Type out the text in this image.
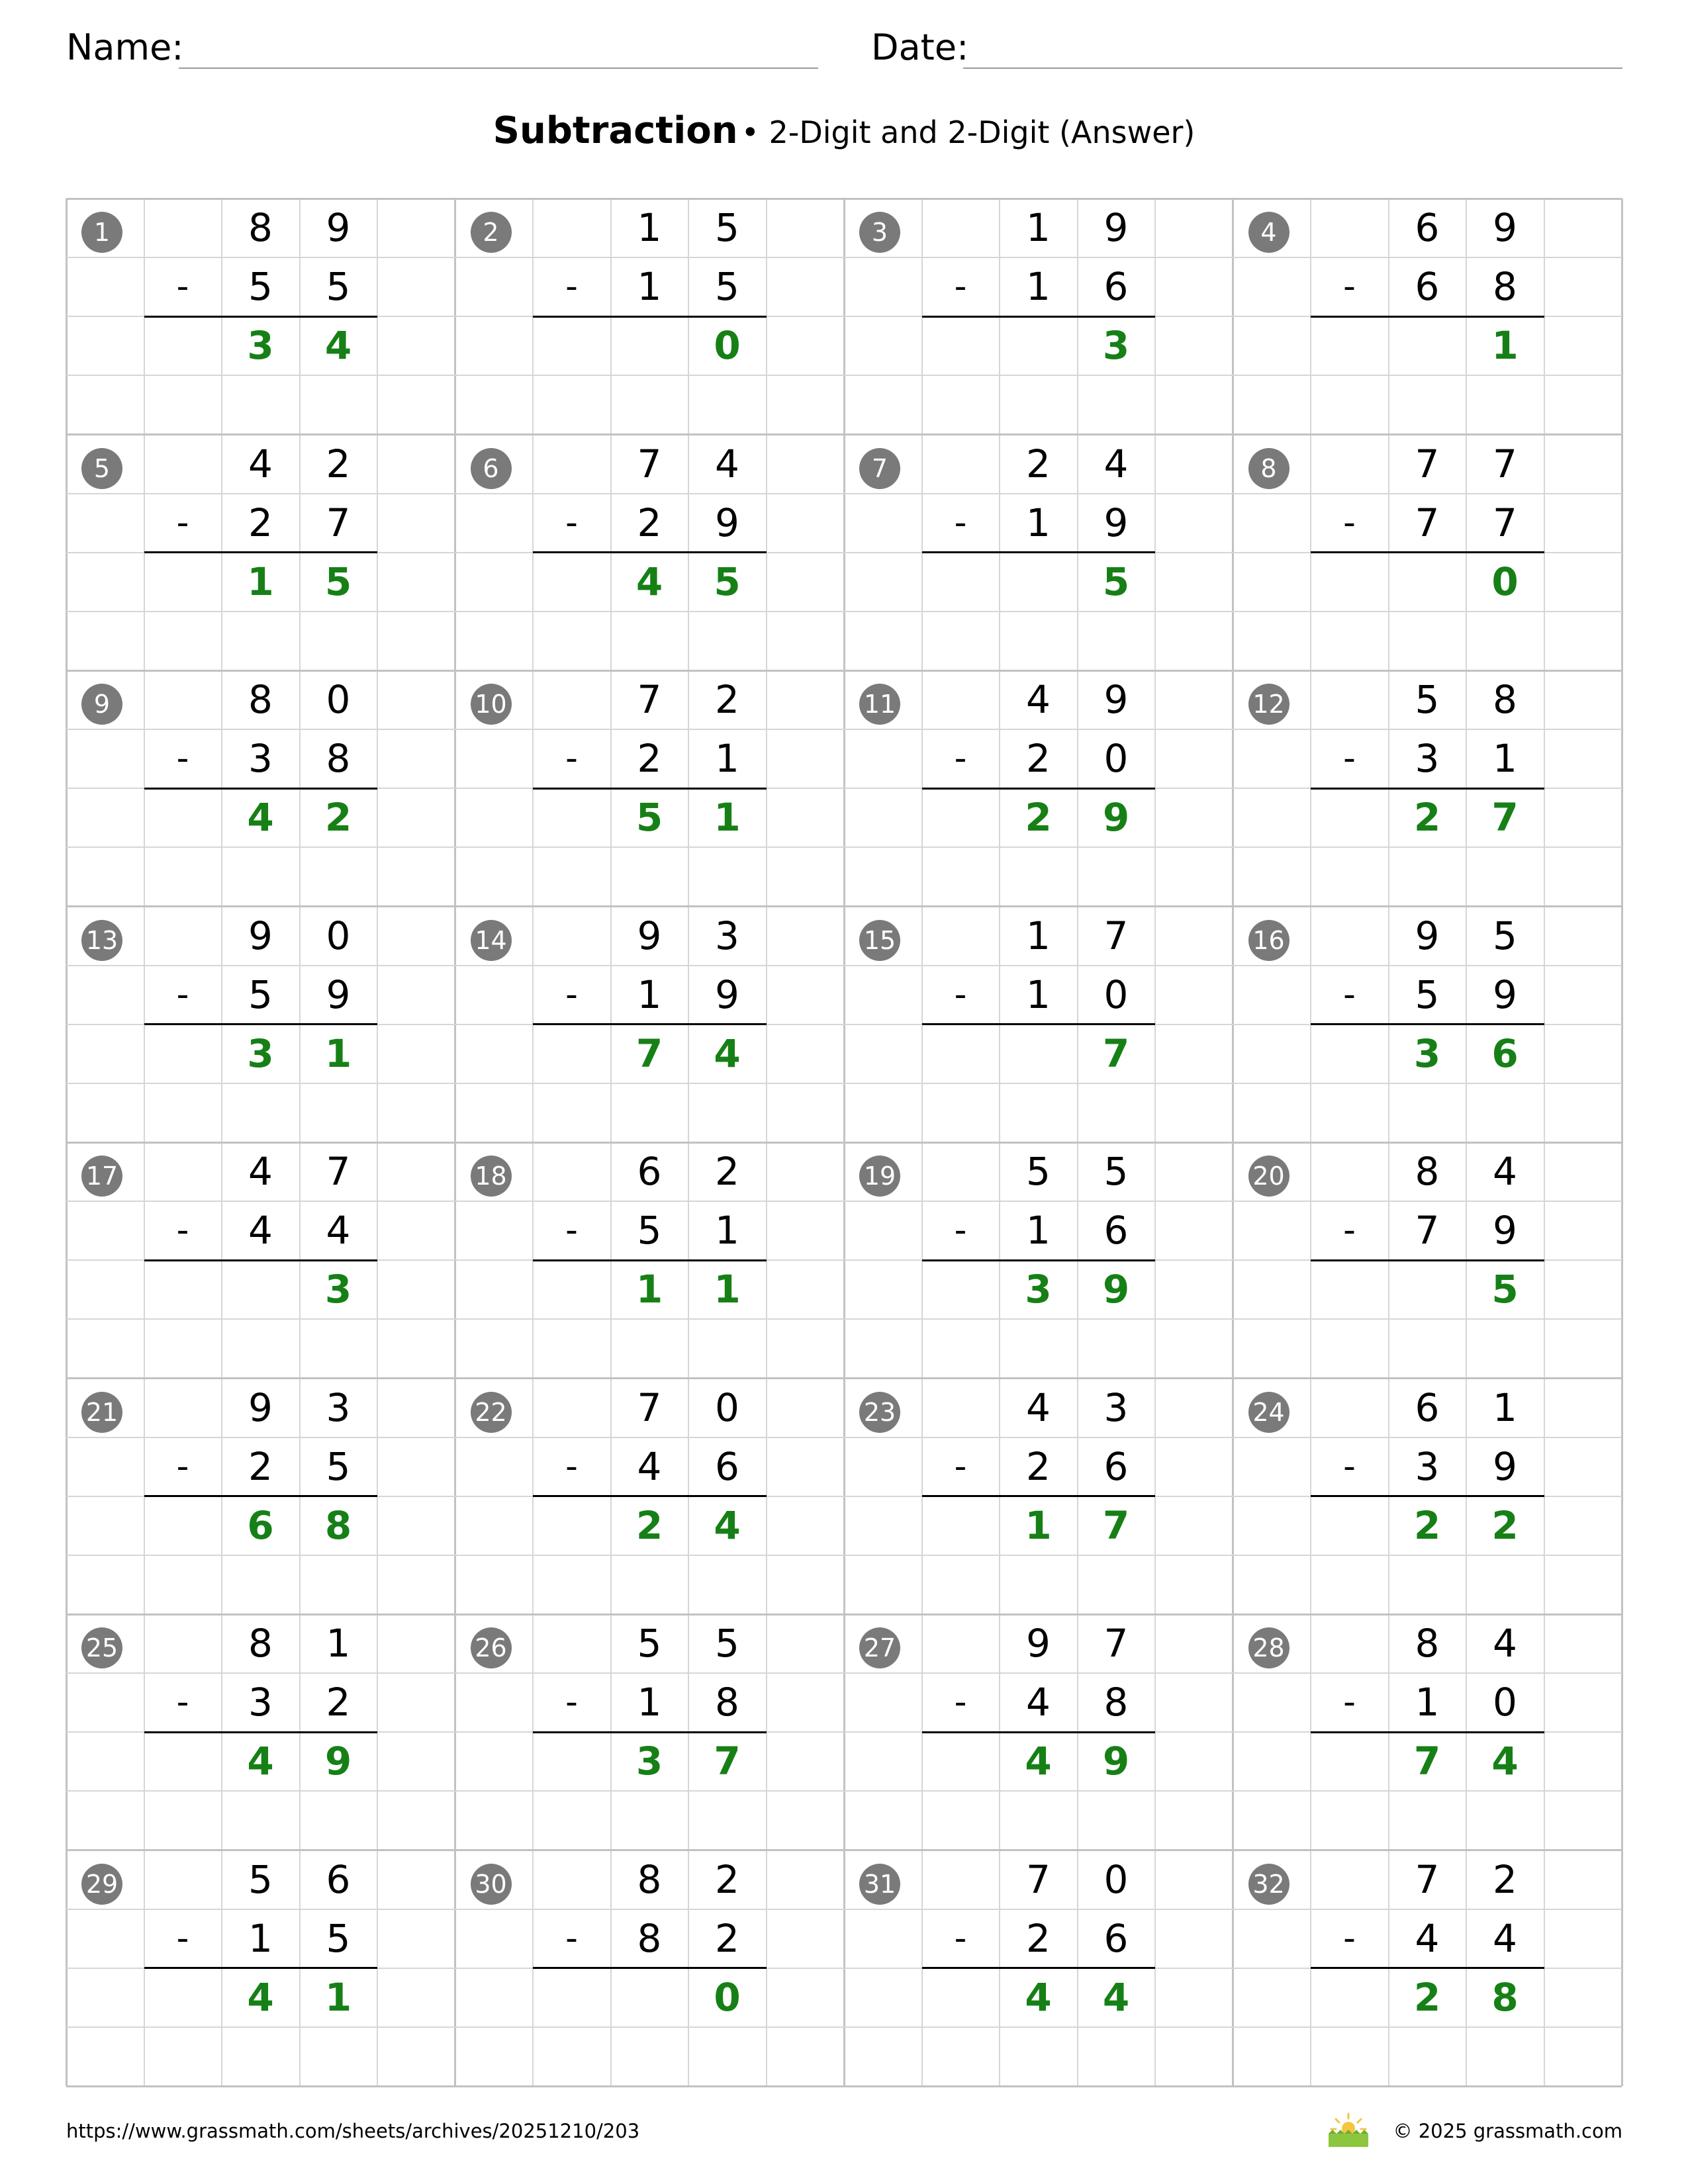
Name:	Date:
Subtraction • 2-Digit and 2-Digit (Answer)
1	8	9
-	5	5
3	4
2	1	5
-	1	5
0
3	1	9
-	1	6
3
4	6	9
-	6	8
1
5	4	2
-	2	7
1	5
6	7	4
-	2	9
4	5
7	2	4
-	1	9
5
8	7	7
-	7	7
0
9	8	0
-	3	8
4	2
10	7	2
-	2	1
5	1
11	4	9
-	2	0
2	9
12	5	8
-	3	1
2	7
13	9	0
-	5	9
3	1
14	9	3
-	1	9
7	4
15	1	7
-	1	0
7
16	9	5
-	5	9
3	6
17	4	7
-	4	4
3
18	6	2
-	5	1
1	1
19	5	5
-	1	6
3	9
20	8	4
-	7	9
5
21	9	3
-	2	5
6	8
22	7	0
-	4	6
2	4
23	4	3
-	2	6
1	7
24	6	1
-	3	9
2	2
25	8	1
-	3	2
4	9
26	5	5
-	1	8
3	7
27	9	7
-	4	8
4	9
28	8	4
-	1	0
7	4
29	5	6
-	1	5
4	1
30	8	2
-	8	2
0
31	7	0
-	2	6
4	4
32	7	2
-	4	4
2	8
https://www.grassmath.com/sheets/archives/20251210/203	© 2025 grassmath.com
